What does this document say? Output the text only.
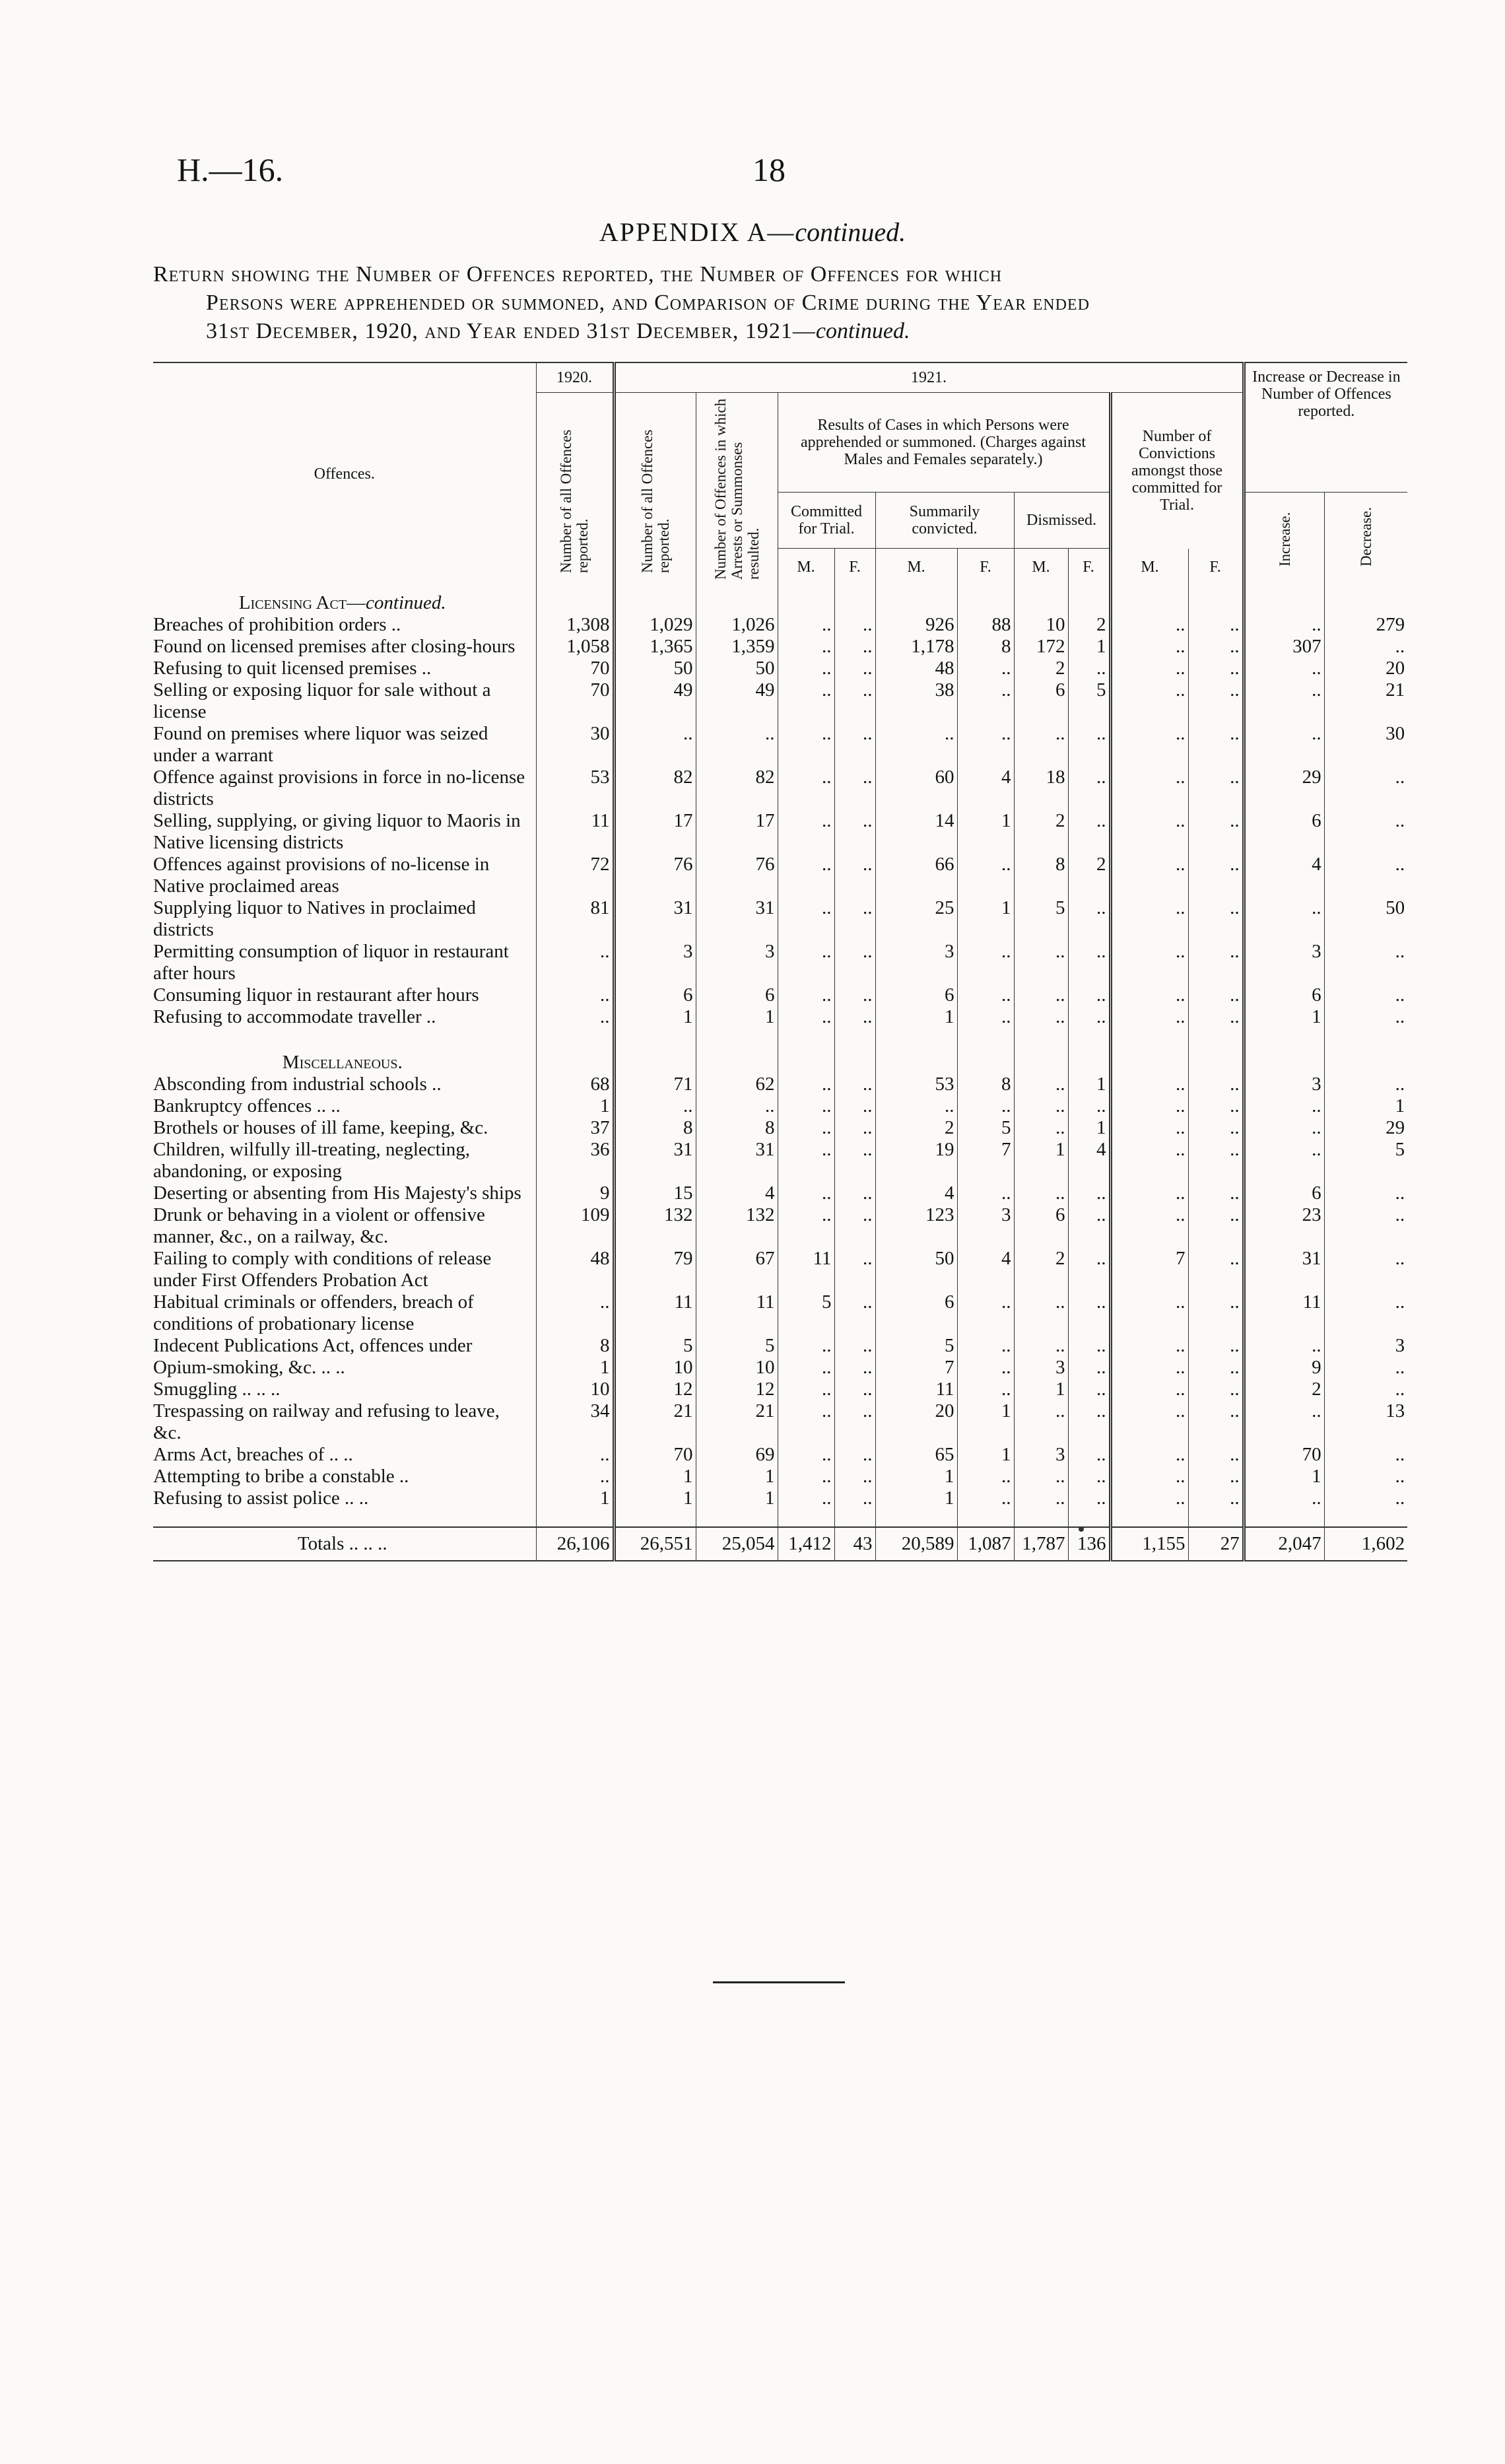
H.—16.	18
APPENDIX A—continued.
Return showing the Number of Offences reported, the Number of Offences for which
Persons were apprehended or summoned, and Comparison of Crime during the Year ended
31st December, 1920, and Year ended 31st December, 1921—continued.
Offences.	1920.	1921.										Increase or Decrease in Number of Offences reported.	
	Number of all Offences reported.	Number of all Offences reported.	Number of Offences in which Arrests or Summonses resulted.	Results of Cases in which Persons were apprehended or summoned. (Charges against Males and Females separately.)						Number of Convictions amongst those committed for Trial.			
				Committed for Trial.		Summarily convicted.		Dismissed.				Increase.	Decrease.
				M.	F.	M.	F.	M.	F.	M.	F.		
Licensing Act—continued.													
Breaches of prohibition orders ..	1,308	1,029	1,026	..	..	926	88	10	2	..	..	..	279
Found on licensed premises after closing-hours	1,058	1,365	1,359	..	..	1,178	8	172	1	..	..	307	..
Refusing to quit licensed premises ..	70	50	50	..	..	48	..	2	..	..	..	..	20
Selling or exposing liquor for sale without a license	70	49	49	..	..	38	..	6	5	..	..	..	21
Found on premises where liquor was seized under a warrant	30	..	..	..	..	..	..	..	..	..	..	..	30
Offence against provisions in force in no-license districts	53	82	82	..	..	60	4	18	..	..	..	29	..
Selling, supplying, or giving liquor to Maoris in Native licensing districts	11	17	17	..	..	14	1	2	..	..	..	6	..
Offences against provisions of no-license in Native proclaimed areas	72	76	76	..	..	66	..	8	2	..	..	4	..
Supplying liquor to Natives in proclaimed districts	81	31	31	..	..	25	1	5	..	..	..	..	50
Permitting consumption of liquor in restaurant after hours	..	3	3	..	..	3	..	..	..	..	..	3	..
Consuming liquor in restaurant after hours	..	6	6	..	..	6	..	..	..	..	..	6	..
Refusing to accommodate traveller ..	..	1	1	..	..	1	..	..	..	..	..	1	..

Miscellaneous.													
Absconding from industrial schools ..	68	71	62	..	..	53	8	..	1	..	..	3	..
Bankruptcy offences .. ..	1	..	..	..	..	..	..	..	..	..	..	..	1
Brothels or houses of ill fame, keeping, &c.	37	8	8	..	..	2	5	..	1	..	..	..	29
Children, wilfully ill-treating, neglecting, abandoning, or exposing	36	31	31	..	..	19	7	1	4	..	..	..	5
Deserting or absenting from His Majesty's ships	9	15	4	..	..	4	..	..	..	..	..	6	..
Drunk or behaving in a violent or offensive manner, &c., on a railway, &c.	109	132	132	..	..	123	3	6	..	..	..	23	..
Failing to comply with conditions of release under First Offenders Probation Act	48	79	67	11	..	50	4	2	..	7	..	31	..
Habitual criminals or offenders, breach of conditions of probationary license	..	11	11	5	..	6	..	..	..	..	..	11	..
Indecent Publications Act, offences under	8	5	5	..	..	5	..	..	..	..	..	..	3
Opium-smoking, &c. .. ..	1	10	10	..	..	7	..	3	..	..	..	9	..
Smuggling .. .. ..	10	12	12	..	..	11	..	1	..	..	..	2	..
Trespassing on railway and refusing to leave, &c.	34	21	21	..	..	20	1	..	..	..	..	..	13
Arms Act, breaches of .. ..	..	70	69	..	..	65	1	3	..	..	..	70	..
Attempting to bribe a constable ..	..	1	1	..	..	1	..	..	..	..	..	1	..
Refusing to assist police .. ..	1	1	1	..	..	1	..	..	..	..	..	..	..

Totals .. .. ..	26,106	26,551	25,054	1,412	43	20,589	1,087	1,787	136	1,155	27	2,047	1,602
